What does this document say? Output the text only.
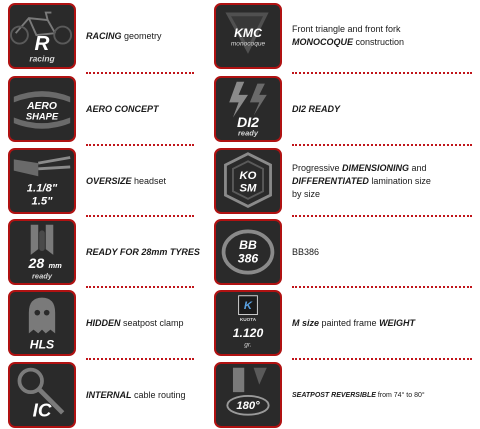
R
racing
RACING geometry	KMC
monocoque
Front triangle and front fork MONOCOQUE construction
AERO
SHAPE
AERO CONCEPT
DI2
ready
DI2 READY
1.1/8"
1.5"
OVERSIZE headset	KO
SM
Progressive DIMENSIONING and DIFFERENTIATED lamination size by size
28 mm
ready
READY FOR 28mm TYRES	BB
386	BB386
HLS
HIDDEN seatpost clamp
K
KUOTA
1.120
gr.
M size painted frame WEIGHT
IC
INTERNAL cable routing
180°
SEATPOST REVERSIBLE from 74° to 80°
